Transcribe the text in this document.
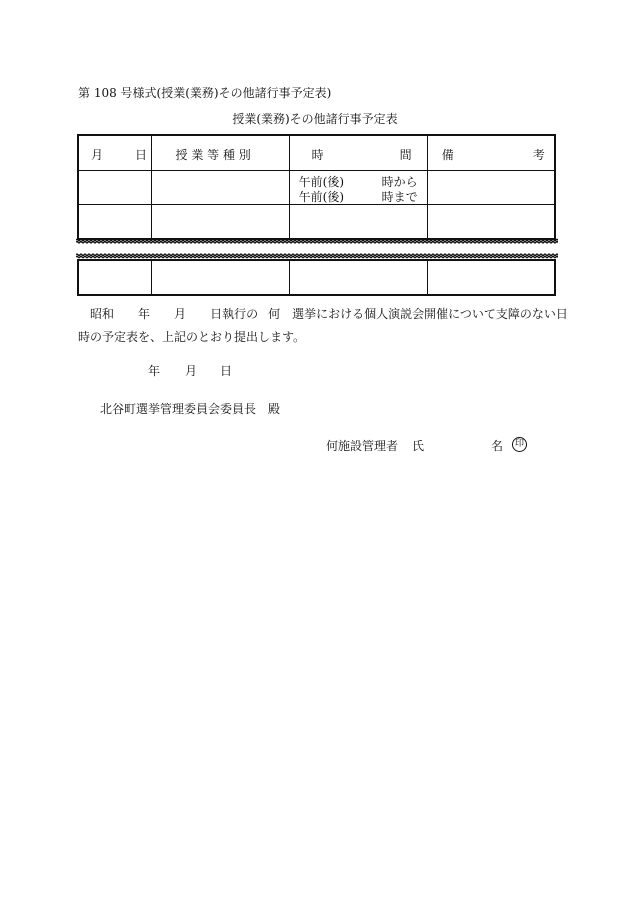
第 108 号様式(授業(業務)その他諸行事予定表)
授業(業務)その他諸行事予定表
月 日	授 業 等 種 別	時 間	備 考

		午前(後) 時から
午前(後) 時まで	

　昭和 年 月 日執行の 何 選挙における個人演説会開催について支障のない日時の予定表を、上記のとおり提出します。
年 月 日
北谷町選挙管理委員会委員長　殿
何施設管理者 氏	名	印
